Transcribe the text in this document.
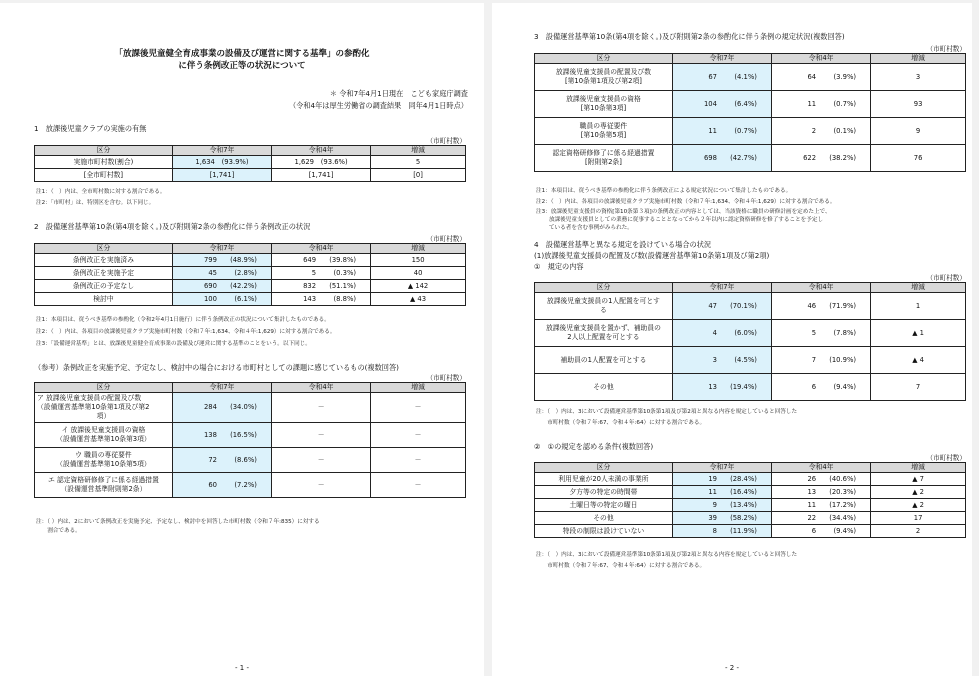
「放課後児童健全育成事業の設備及び運営に関する基準」の参酌化
に伴う条例改正等の状況について
＊ 令和7年4月1日現在　こども家庭庁調査
（令和4年は厚生労働省の調査結果　同年4月1日時点）
1　放課後児童クラブの実施の有無
（市町村数）
区分	令和7年	令和4年	増減
実施市町村数(割合)	1,634　(93.9%)	1,629　(93.6%)	5
[全市町村数]	[1,741]	[1,741]	[0]
注1：（　）内は、全市町村数に対する割合である。
注2：「市町村」は、特別区を含む。以下同じ。
2　設備運営基準第10条(第4項を除く。)及び附則第2条の参酌化に伴う条例改正の状況
（市町村数）
区分	令和7年	令和4年	増減
条例改正を実施済み	799 (48.9%)	649 (39.8%)	150
条例改正を実施予定	45 (2.8%)	5 (0.3%)	40
条例改正の予定なし	690 (42.2%)	832 (51.1%)	▲ 142
検討中	100 (6.1%)	143 (8.8%)	▲ 43
注1：本項目は、従うべき基準の参酌化（令和2年4月1日施行）に伴う条例改正の状況について集計したものである。
注2：（　）内は、各項目の放課後児童クラブ実施市町村数（令和７年:1,634、令和４年:1,629）に対する割合である。
注3：「設備運営基準」とは、放課後児童健全育成事業の設備及び運営に関する基準のことをいう。以下同じ。
（参考）条例改正を実施予定、予定なし、検討中の場合における市町村としての課題に感じているもの(複数回答)
（市町村数）
区分	令和7年	令和4年	増減

ア 放課後児童支援員の配置及び数
（設備運営基準第10条第1項及び第2
項）	284 (34.0%)	－	－

イ 放課後児童支援員の資格
（設備運営基準第10条第3項）	138 (16.5%)	－	－

ウ 職員の専従要件
（設備運営基準第10条第5項）	72 (8.6%)	－	－

エ 認定資格研修修了に係る経過措置
（設備運営基準附則第2条）	60 (7.2%)	－	－
注：（ ）内は、2において条例改正を実施予定、予定なし、検討中を回答した市町村数（令和７年:835）に対する
　　割合である。
- 1 -
3　設備運営基準第10条(第4項を除く。)及び附則第2条の参酌化に伴う条例の規定状況(複数回答)
（市町村数）
区分	令和7年	令和4年	増減

放課後児童支援員の配置及び数
[第10条第1項及び第2項]	67 (4.1%)	64 (3.9%)	3

放課後児童支援員の資格
[第10条第3項]	104 (6.4%)	11 (0.7%)	93

職員の専従要件
[第10条第5項]	11 (0.7%)	2 (0.1%)	9

認定資格研修修了に係る経過措置
[附則第2条]	698 (42.7%)	622 (38.2%)	76
注1：本項目は、従うべき基準の参酌化に伴う条例改正による規定状況について集計したものである。
注2：（　）内は、各項目の放課後児童クラブ実施市町村数（令和７年:1,634、令和４年:1,629）に対する割合である。
注3：放課後児童支援員の資格[第10条第３項]の条例改正の内容としては、当該資格に職員の研修計画を定めた上で、
　　 放課後児童支援員としての業務に従事することとなってから２年以内に認定資格研修を修了することを予定し
　　 ている者を含む事例がみられた。
4　設備運営基準と異なる規定を設けている場合の状況
(1)放課後児童支援員の配置及び数(設備運営基準第10条第1項及び第2項)
①　規定の内容
（市町村数）
区分	令和7年	令和4年	増減

放課後児童支援員の1人配置を可とす
る	47 (70.1%)	46 (71.9%)	1

放課後児童支援員を置かず、補助員の
2人以上配置を可とする	4 (6.0%)	5 (7.8%)	▲ 1

補助員の1人配置を可とする	3 (4.5%)	7 (10.9%)	▲ 4

その他	13 (19.4%)	6 (9.4%)	7
注：（　）内は、3において設備運営基準第10条第1項及び第2項と異なる内容を規定していると回答した
　　市町村数（令和７年:67、令和４年:64）に対する割合である。
②　①の規定を認める条件(複数回答)
（市町村数）
区分	令和7年	令和4年	増減
利用児童が20人未満の事業所	19 (28.4%)	26 (40.6%)	▲ 7
夕方等の特定の時間帯	11 (16.4%)	13 (20.3%)	▲ 2
土曜日等の特定の曜日	9 (13.4%)	11 (17.2%)	▲ 2
その他	39 (58.2%)	22 (34.4%)	17
特段の制限は設けていない	8 (11.9%)	6 (9.4%)	2
注：（　）内は、3において設備運営基準第10条第1項及び第2項と異なる内容を規定していると回答した
　　市町村数（令和７年:67、令和４年:64）に対する割合である。
- 2 -
